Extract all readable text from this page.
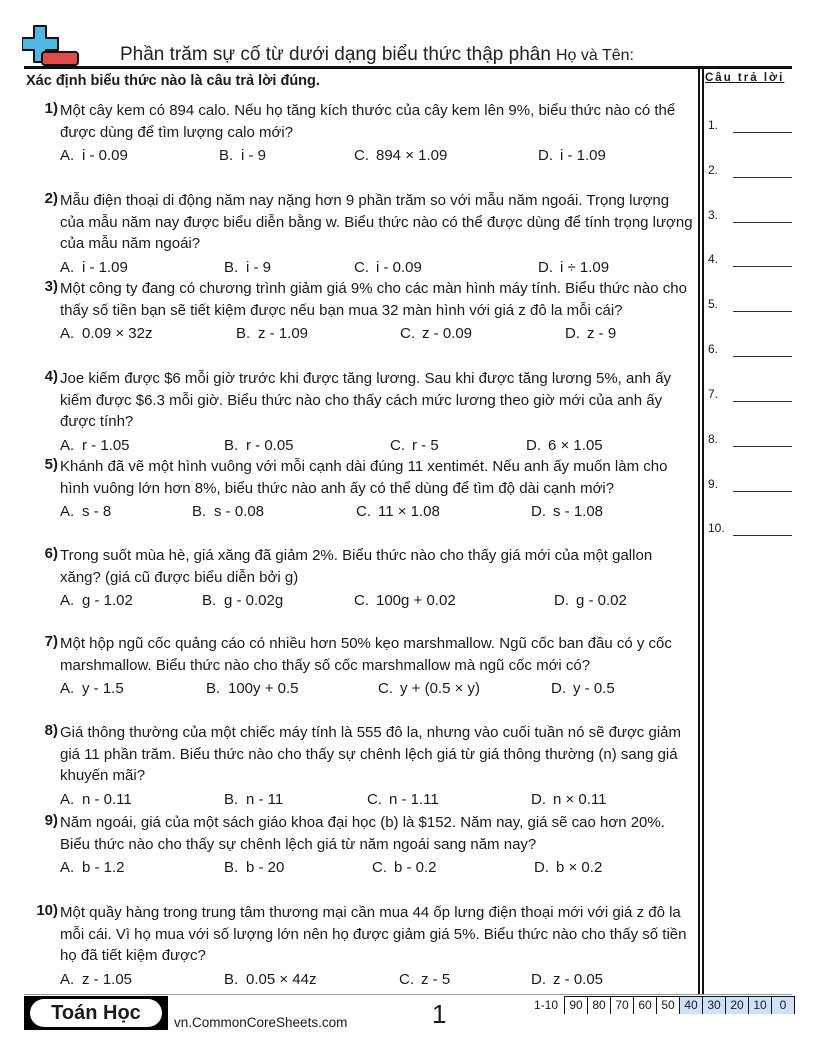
Phần trăm sự cố từ dưới dạng biểu thức thập phân Họ và Tên:
Xác định biểu thức nào là câu trả lời đúng.	Câu trả lời
1.
2.
3.
4.
5.
6.
7.
8.
9.
10.
1) Một cây kem có 894 calo. Nếu họ tăng kích thước của cây kem lên 9%, biểu thức nào có thể được dùng để tìm lượng calo mới?
A. i - 0.09	B. i - 9	C. 894 × 1.09	D. i - 1.09
2) Mẫu điện thoại di động năm nay nặng hơn 9 phần trăm so với mẫu năm ngoái. Trọng lượng của mẫu năm nay được biểu diễn bằng w. Biểu thức nào có thể được dùng để tính trọng lượng của mẫu năm ngoái?
A. i - 1.09	B. i - 9	C. i - 0.09	D. i ÷ 1.09
3) Một công ty đang có chương trình giảm giá 9% cho các màn hình máy tính. Biểu thức nào cho thấy số tiền bạn sẽ tiết kiệm được nếu bạn mua 32 màn hình với giá z đô la mỗi cái?
A. 0.09 × 32z	B. z - 1.09	C. z - 0.09	D. z - 9
4) Joe kiếm được $6 mỗi giờ trước khi được tăng lương. Sau khi được tăng lương 5%, anh ấy kiếm được $6.3 mỗi giờ. Biểu thức nào cho thấy cách mức lương theo giờ mới của anh ấy được tính?
A. r - 1.05	B. r - 0.05	C. r - 5	D. 6 × 1.05
5) Khánh đã vẽ một hình vuông với mỗi cạnh dài đúng 11 xentimét. Nếu anh ấy muốn làm cho hình vuông lớn hơn 8%, biểu thức nào anh ấy có thể dùng để tìm độ dài cạnh mới?
A. s - 8	B. s - 0.08	C. 11 × 1.08	D. s - 1.08
6) Trong suốt mùa hè, giá xăng đã giảm 2%. Biểu thức nào cho thấy giá mới của một gallon xăng? (giá cũ được biểu diễn bởi g)
A. g - 1.02	B. g - 0.02g	C. 100g + 0.02	D. g - 0.02
7) Một hộp ngũ cốc quảng cáo có nhiều hơn 50% kẹo marshmallow. Ngũ cốc ban đầu có y cốc marshmallow. Biểu thức nào cho thấy số cốc marshmallow mà ngũ cốc mới có?
A. y - 1.5	B. 100y + 0.5	C. y + (0.5 × y)	D. y - 0.5
8) Giá thông thường của một chiếc máy tính là 555 đô la, nhưng vào cuối tuần nó sẽ được giảm giá 11 phần trăm. Biểu thức nào cho thấy sự chênh lệch giá từ giá thông thường (n) sang giá khuyến mãi?
A. n - 0.11	B. n - 11	C. n - 1.11	D. n × 0.11
9) Năm ngoái, giá của một sách giáo khoa đại học (b) là $152. Năm nay, giá sẽ cao hơn 20%. Biểu thức nào cho thấy sự chênh lệch giá từ năm ngoái sang năm nay?
A. b - 1.2	B. b - 20	C. b - 0.2	D. b × 0.2
10) Một quầy hàng trong trung tâm thương mại cần mua 44 ốp lưng điện thoại mới với giá z đô la mỗi cái. Vì họ mua với số lượng lớn nên họ được giảm giá 5%. Biểu thức nào cho thấy số tiền họ đã tiết kiệm được?
A. z - 1.05	B. 0.05 × 44z	C. z - 5	D. z - 0.05
Toán Học	vn.CommonCoreSheets.com	1	1-10 90 80 70 60 50 40 30 20 10	0
